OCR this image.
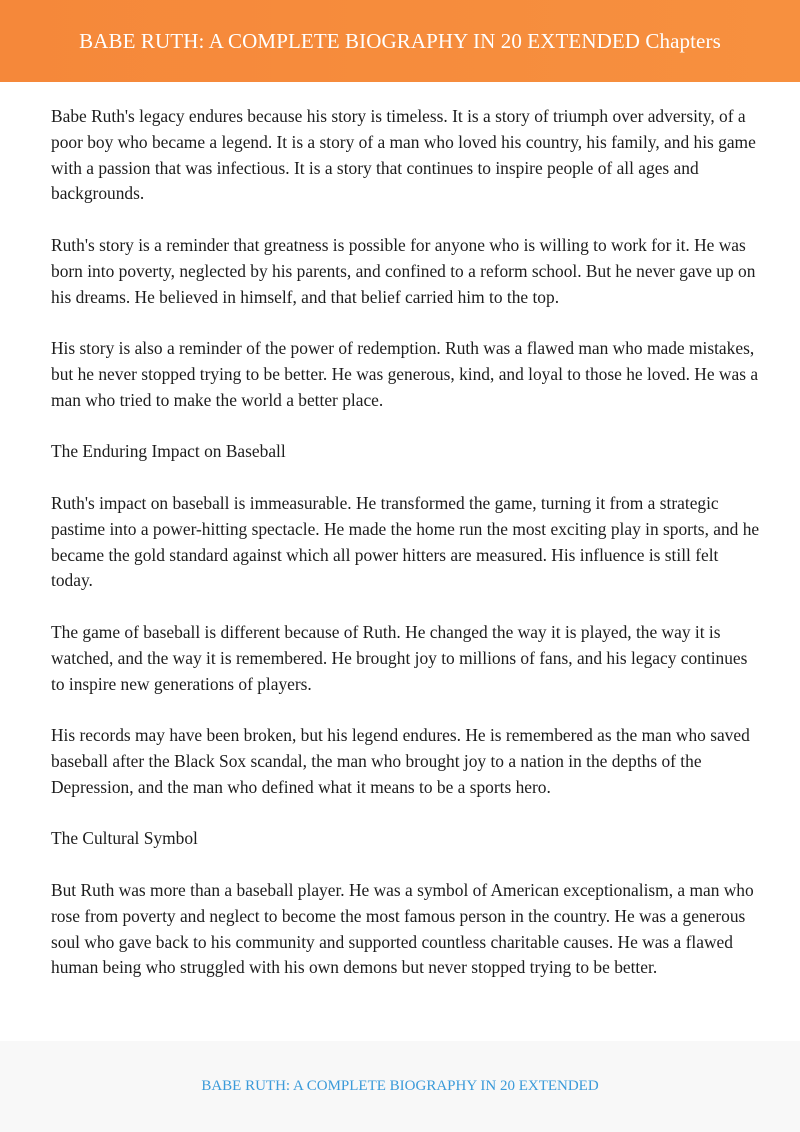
BABE RUTH: A COMPLETE BIOGRAPHY IN 20 EXTENDED Chapters

Babe Ruth's legacy endures because his story is timeless. It is a story of triumph over adversity, of a poor boy who became a legend. It is a story of a man who loved his country, his family, and his game with a passion that was infectious. It is a story that continues to inspire people of all ages and backgrounds.

Ruth's story is a reminder that greatness is possible for anyone who is willing to work for it. He was born into poverty, neglected by his parents, and confined to a reform school. But he never gave up on his dreams. He believed in himself, and that belief carried him to the top.

His story is also a reminder of the power of redemption. Ruth was a flawed man who made mistakes, but he never stopped trying to be better. He was generous, kind, and loyal to those he loved. He was a man who tried to make the world a better place.

The Enduring Impact on Baseball

Ruth's impact on baseball is immeasurable. He transformed the game, turning it from a strategic pastime into a power-hitting spectacle. He made the home run the most exciting play in sports, and he became the gold standard against which all power hitters are measured. His influence is still felt today.

The game of baseball is different because of Ruth. He changed the way it is played, the way it is watched, and the way it is remembered. He brought joy to millions of fans, and his legacy continues to inspire new generations of players.

His records may have been broken, but his legend endures. He is remembered as the man who saved baseball after the Black Sox scandal, the man who brought joy to a nation in the depths of the Depression, and the man who defined what it means to be a sports hero.

The Cultural Symbol

But Ruth was more than a baseball player. He was a symbol of American exceptionalism, a man who rose from poverty and neglect to become the most famous person in the country. He was a generous soul who gave back to his community and supported countless charitable causes. He was a flawed human being who struggled with his own demons but never stopped trying to be better.

BABE RUTH: A COMPLETE BIOGRAPHY IN 20 EXTENDED
